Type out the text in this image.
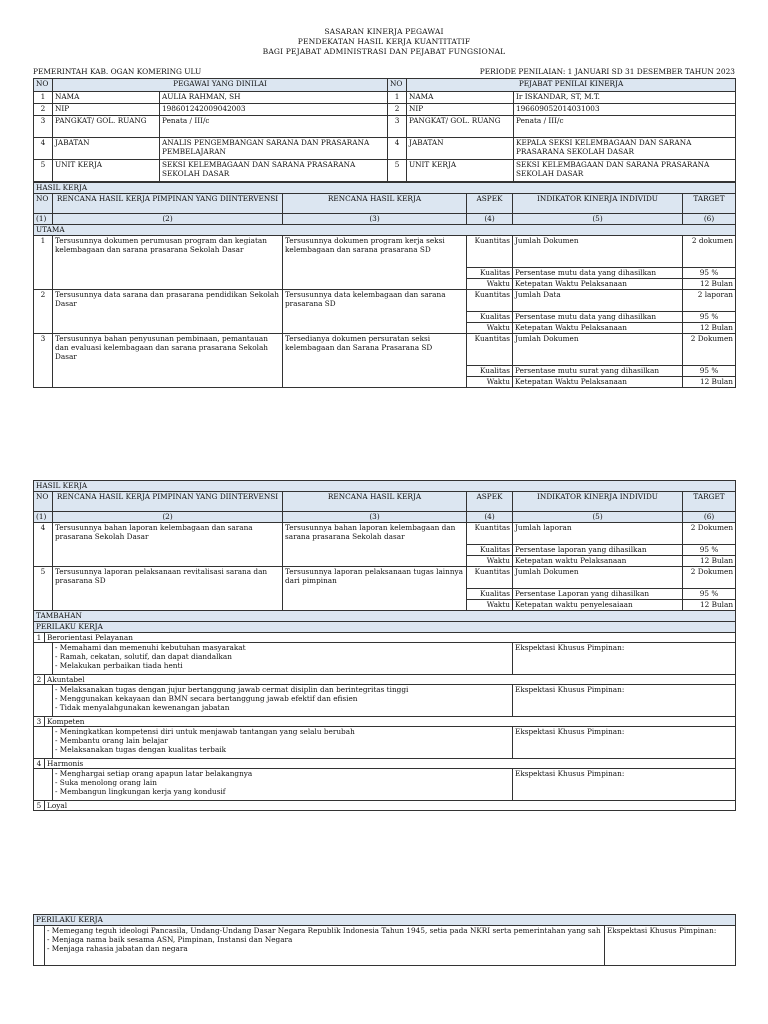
SASARAN KINERJA PEGAWAI
PENDEKATAN HASIL KERJA KUANTITATIF
BAGI PEJABAT ADMINISTRASI DAN PEJABAT FUNGSIONAL
PEMERINTAH KAB. OGAN KOMERING ULU	PERIODE PENILAIAN: 1 JANUARI SD 31 DESEMBER TAHUN 2023
NO	PEGAWAI YANG DINILAI		NO	PEJABAT PENILAI KINERJA	
1	NAMA	AULIA RAHMAN, SH	1	NAMA	Ir ISKANDAR, ST, M.T.
2	NIP	198601242009042003	2	NIP	196609052014031003
3	PANGKAT/ GOL. RUANG	Penata / III/c	3	PANGKAT/ GOL. RUANG	Penata / III/c
4	JABATAN	ANALIS PENGEMBANGAN SARANA DAN PRASARANA PEMBELAJARAN	4	JABATAN	KEPALA SEKSI KELEMBAGAAN DAN SARANA PRASARANA SEKOLAH DASAR
5	UNIT KERJA	SEKSI KELEMBAGAAN DAN SARANA PRASARANA SEKOLAH DASAR	5	UNIT KERJA	SEKSI KELEMBAGAAN DAN SARANA PRASARANA SEKOLAH DASAR
HASIL KERJA					
NO	RENCANA HASIL KERJA PIMPINAN YANG DIINTERVENSI	RENCANA HASIL KERJA	ASPEK	INDIKATOR KINERJA INDIVIDU	TARGET
(1)	(2)	(3)	(4)	(5)	(6)
UTAMA					
1	Tersusunnya dokumen perumusan program dan kegiatan kelembagaan dan sarana prasarana Sekolah Dasar	Tersusunnya dokumen program kerja seksi kelembagaan dan sarana prasarana SD	Kuantitas	Jumlah Dokumen	2 dokumen
			Kualitas	Persentase mutu data yang dihasilkan	95 %
			Waktu	Ketepatan Waktu Pelaksanaan	12 Bulan
2	Tersusunnya data sarana dan prasarana pendidikan Sekolah Dasar	Tersusunnya data kelembagaan dan sarana prasarana SD	Kuantitas	Jumlah Data	2 laporan
			Kualitas	Persentase mutu data yang dihasilkan	95 %
			Waktu	Ketepatan Waktu Pelaksanaan	12 Bulan
3	Tersusunnya bahan penyusunan pembinaan, pemantauan dan evaluasi kelembagaan dan sarana prasarana Sekolah Dasar	Tersedianya dokumen persuratan seksi kelembagaan dan Sarana Prasarana SD	Kuantitas	Jumlah Dokumen	2 Dokumen
			Kualitas	Persentase mutu surat yang dihasilkan	95 %
			Waktu	Ketepatan Waktu Pelaksanaan	12 Bulan
HASIL KERJA						
NO		RENCANA HASIL KERJA PIMPINAN YANG DIINTERVENSI	RENCANA HASIL KERJA	ASPEK	INDIKATOR KINERJA INDIVIDU	TARGET
(1)		(2)	(3)	(4)	(5)	(6)
4		Tersusunnya bahan laporan kelembagaan dan sarana prasarana Sekolah Dasar	Tersusunnya bahan laporan kelembagaan dan sarana prasarana Sekolah dasar	Kuantitas	Jumlah laporan	2 Dokumen
				Kualitas	Persentase laporan yang dihasilkan	95 %
				Waktu	Ketepatan waktu Pelaksanaan	12 Bulan
5		Tersusunnya laporan pelaksanaan revitalisasi sarana dan prasarana SD	Tersusunnya laporan pelaksanaan tugas lainnya dari pimpinan	Kuantitas	Jumlah Dokumen	2 Dokumen
				Kualitas	Persentase Laporan yang dihasilkan	95 %
				Waktu	Ketepatan waktu penyelesaiaan	12 Bulan
TAMBAHAN						
PERILAKU KERJA						
1	Berorientasi Pelayanan					

		- Memahami dan memenuhi kebutuhan masyarakat
- Ramah, cekatan, solutif, dan dapat diandalkan
- Melakukan perbaikan tiada henti			Ekspektasi Khusus Pimpinan:	
2	Akuntabel					

		- Melaksanakan tugas dengan jujur bertanggung jawab cermat disiplin dan berintegritas tinggi
- Menggunakan kekayaan dan BMN secara bertanggung jawab efektif dan efisien
- Tidak menyalahgunakan kewenangan jabatan			Ekspektasi Khusus Pimpinan:	
3	Kompeten					

		- Meningkatkan kompetensi diri untuk menjawab tantangan yang selalu berubah
- Membantu orang lain belajar
- Melaksanakan tugas dengan kualitas terbaik			Ekspektasi Khusus Pimpinan:	
4	Harmonis					

		- Menghargai setiap orang apapun latar belakangnya
- Suka menolong orang lain
- Membangun lingkungan kerja yang kondusif			Ekspektasi Khusus Pimpinan:	
5	Loyal					
PERILAKU KERJA

- Memegang teguh ideologi Pancasila, Undang-Undang Dasar Negara Republik Indonesia Tahun 1945, setia pada NKRI serta pemerintahan yang sah
- Menjaga nama baik sesama ASN, Pimpinan, Instansi dan Negara
- Menjaga rahasia jabatan dan negara
	Ekspektasi Khusus Pimpinan:
